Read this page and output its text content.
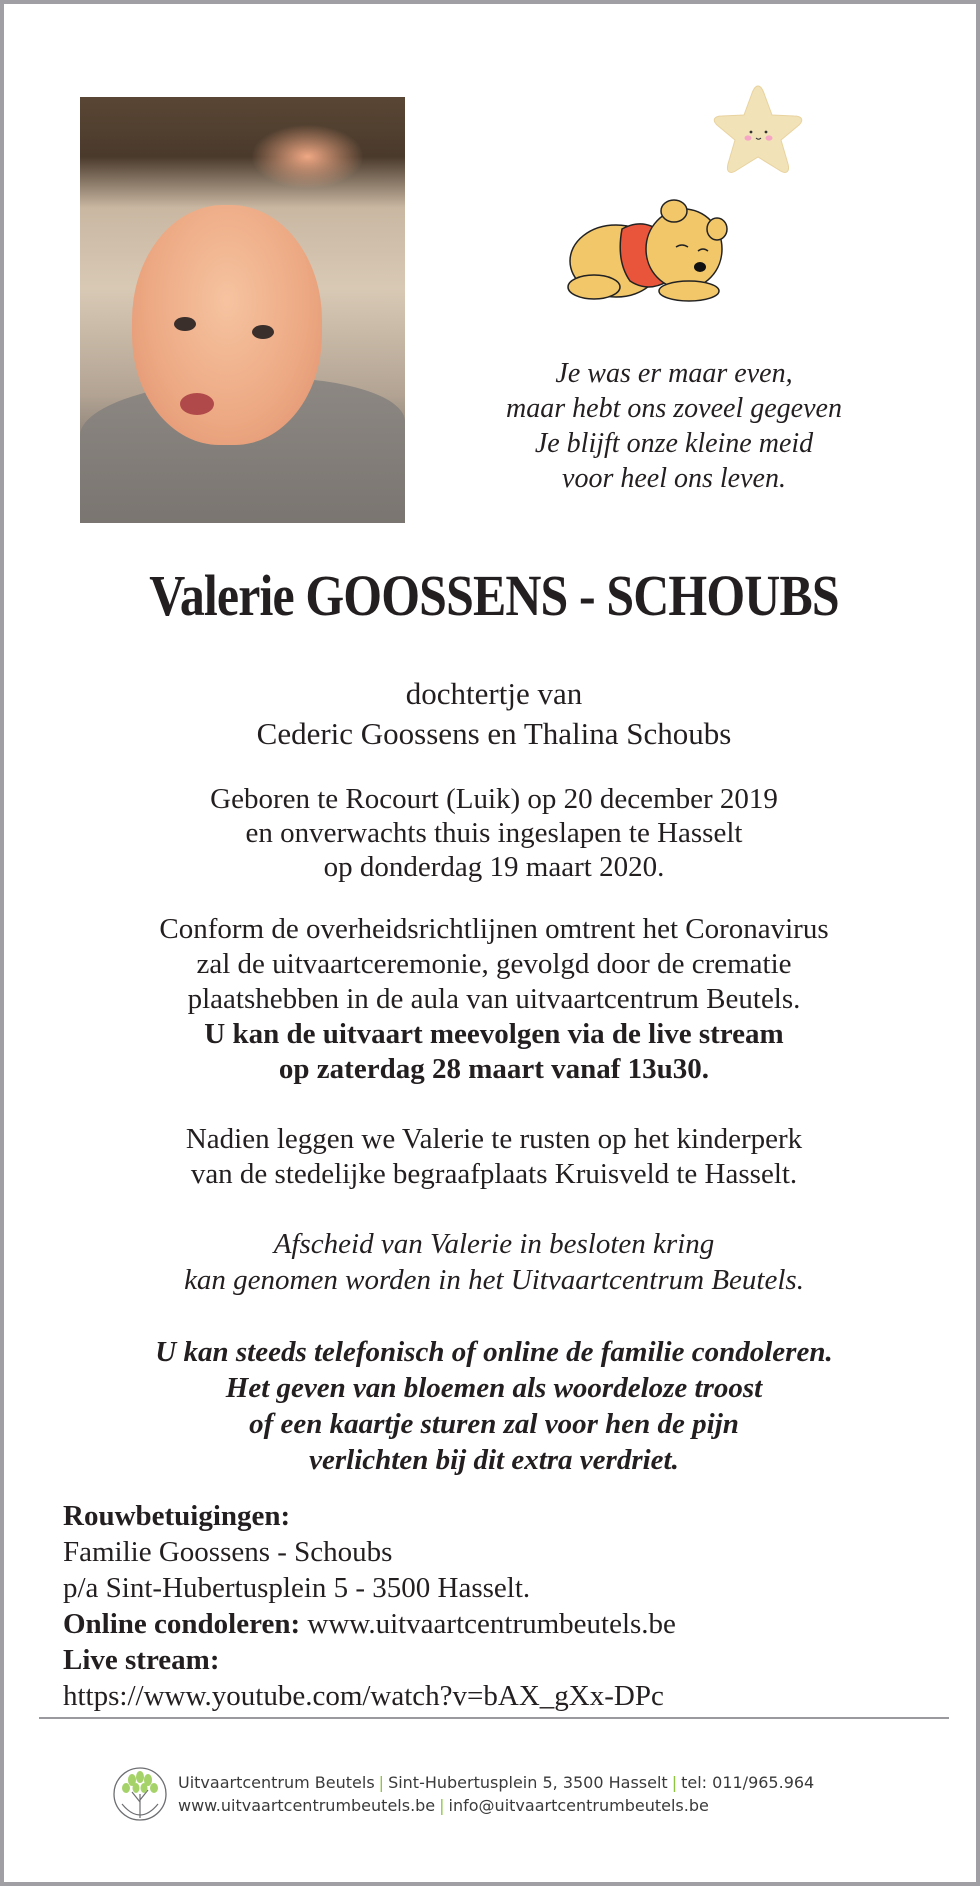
Je was er maar even,
maar hebt ons zoveel gegeven
Je blijft onze kleine meid
voor heel ons leven.
Valerie GOOSSENS - SCHOUBS
dochtertje van
Cederic Goossens en Thalina Schoubs
Geboren te Rocourt (Luik) op 20 december 2019
en onverwachts thuis ingeslapen te Hasselt
op donderdag 19 maart 2020.
Conform de overheidsrichtlijnen omtrent het Coronavirus
zal de uitvaartceremonie, gevolgd door de crematie
plaatshebben in de aula van uitvaartcentrum Beutels.
U kan de uitvaart meevolgen via de live stream
op zaterdag 28 maart vanaf 13u30.
Nadien leggen we Valerie te rusten op het kinderperk
van de stedelijke begraafplaats Kruisveld te Hasselt.
Afscheid van Valerie in besloten kring
kan genomen worden in het Uitvaartcentrum Beutels.
U kan steeds telefonisch of online de familie condoleren.
Het geven van bloemen als woordeloze troost
of een kaartje sturen zal voor hen de pijn
verlichten bij dit extra verdriet.
Rouwbetuigingen:
Familie Goossens - Schoubs
p/a Sint-Hubertusplein 5 - 3500 Hasselt.
Online condoleren: www.uitvaartcentrumbeutels.be
Live stream:
https://www.youtube.com/watch?v=bAX_gXx-DPc
Uitvaartcentrum Beutels | Sint-Hubertusplein 5, 3500 Hasselt | tel: 011/965.964
www.uitvaartcentrumbeutels.be | info@uitvaartcentrumbeutels.be
